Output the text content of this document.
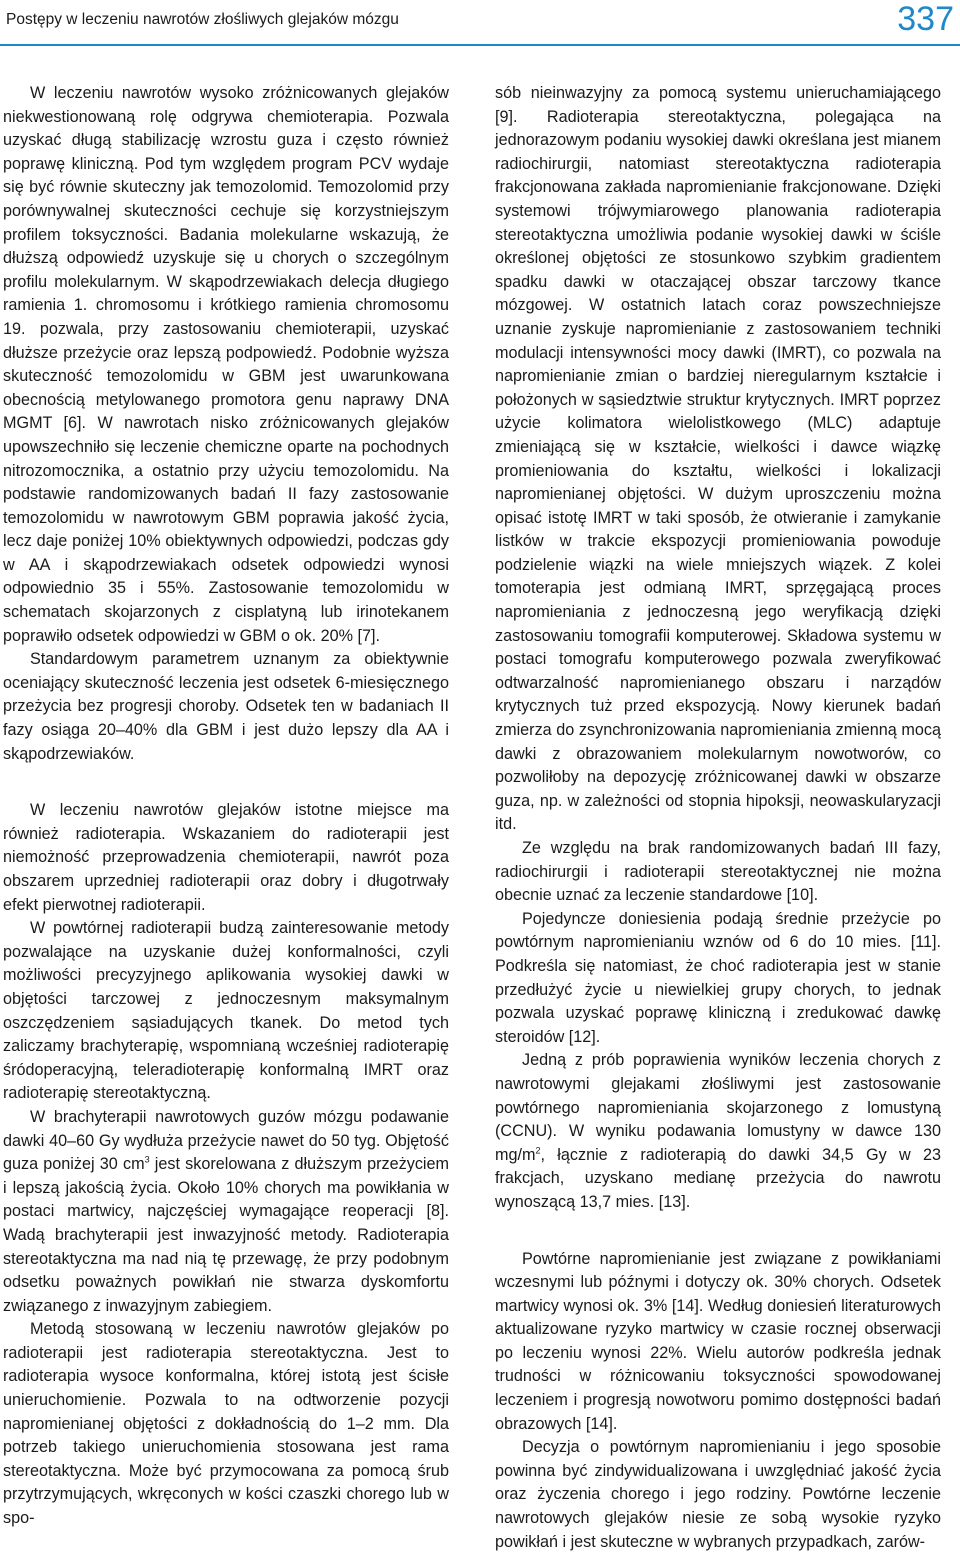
Postępy w leczeniu nawrotów złośliwych glejaków mózgu	337

W leczeniu nawrotów wysoko zróżnicowanych glejaków niekwestionowaną rolę odgrywa chemioterapia. Pozwala uzyskać długą stabilizację wzrostu guza i często również poprawę kliniczną. Pod tym względem program PCV wydaje się być równie skuteczny jak temozolomid. Temozolomid przy porównywalnej skuteczności cechuje się korzystniejszym profilem toksyczności. Badania molekularne wskazują, że dłuższą odpowiedź uzyskuje się u chorych o szczególnym profilu molekularnym. W skąpodrzewiakach delecja długiego ramienia 1. chromosomu i krótkiego ramienia chromosomu 19. pozwala, przy zastosowaniu chemioterapii, uzyskać dłuższe przeżycie oraz lepszą podpowiedź. Podobnie wyższa skuteczność temozolomidu w GBM jest uwarunkowana obecnością metylowanego promotora genu naprawy DNA MGMT [6]. W nawrotach nisko zróżnicowanych glejaków upowszechniło się leczenie chemiczne oparte na pochodnych nitrozomocznika, a ostatnio przy użyciu temozolomidu. Na podstawie randomizowanych badań II fazy zastosowanie temozolomidu w nawrotowym GBM poprawia jakość życia, lecz daje poniżej 10% obiektywnych odpowiedzi, podczas gdy w AA i skąpodrzewiakach odsetek odpowiedzi wynosi odpowiednio 35 i 55%. Zastosowanie temozolomidu w schematach skojarzonych z cisplatyną lub irinotekanem poprawiło odsetek odpowiedzi w GBM o ok. 20% [7].

Standardowym parametrem uznanym za obiektywnie oceniający skuteczność leczenia jest odsetek 6-miesięcznego przeżycia bez progresji choroby. Odsetek ten w badaniach II fazy osiąga 20–40% dla GBM i jest dużo lepszy dla AA i skąpodrzewiaków.

W leczeniu nawrotów glejaków istotne miejsce ma również radioterapia. Wskazaniem do radioterapii jest niemożność przeprowadzenia chemioterapii, nawrót poza obszarem uprzedniej radioterapii oraz dobry i długotrwały efekt pierwotnej radioterapii.

W powtórnej radioterapii budzą zainteresowanie metody pozwalające na uzyskanie dużej konformalności, czyli możliwości precyzyjnego aplikowania wysokiej dawki w objętości tarczowej z jednoczesnym maksymalnym oszczędzeniem sąsiadujących tkanek. Do metod tych zaliczamy brachyterapię, wspomnianą wcześniej radioterapię śródoperacyjną, teleradioterapię konformalną IMRT oraz radioterapię stereotaktyczną.

W brachyterapii nawrotowych guzów mózgu podawanie dawki 40–60 Gy wydłuża przeżycie nawet do 50 tyg. Objętość guza poniżej 30 $cm^3$ jest skorelowana z dłuższym przeżyciem i lepszą jakością życia. Około 10% chorych ma powikłania w postaci martwicy, najczęściej wymagające reoperacji [8]. Wadą brachyterapii jest inwazyjność metody. Radioterapia stereotaktyczna ma nad nią tę przewagę, że przy podobnym odsetku poważnych powikłań nie stwarza dyskomfortu związanego z inwazyjnym zabiegiem.

Metodą stosowaną w leczeniu nawrotów glejaków po radioterapii jest radioterapia stereotaktyczna. Jest to radioterapia wysoce konformalna, której istotą jest ścisłe unieruchomienie. Pozwala to na odtworzenie pozycji napromienianej objętości z dokładnością do 1–2 mm. Dla potrzeb takiego unieruchomienia stosowana jest rama stereotaktyczna. Może być przymocowana za pomocą śrub przytrzymujących, wkręconych w kości czaszki chorego lub w spo-

sób nieinwazyjny za pomocą systemu unieruchamiającego [9]. Radioterapia stereotaktyczna, polegająca na jednorazowym podaniu wysokiej dawki określana jest mianem radiochirurgii, natomiast stereotaktyczna radioterapia frakcjonowana zakłada napromienianie frakcjonowane. Dzięki systemowi trójwymiarowego planowania radioterapia stereotaktyczna umożliwia podanie wysokiej dawki w ściśle określonej objętości ze stosunkowo szybkim gradientem spadku dawki w otaczającej obszar tarczowy tkance mózgowej. W ostatnich latach coraz powszechniejsze uznanie zyskuje napromienianie z zastosowaniem techniki modulacji intensywności mocy dawki (IMRT), co pozwala na napromienianie zmian o bardziej nieregularnym kształcie i położonych w sąsiedztwie struktur krytycznych. IMRT poprzez użycie kolimatora wielolistkowego (MLC) adaptuje zmieniającą się w kształcie, wielkości i dawce wiązkę promieniowania do kształtu, wielkości i lokalizacji napromienianej objętości. W dużym uproszczeniu można opisać istotę IMRT w taki sposób, że otwieranie i zamykanie listków w trakcie ekspozycji promieniowania powoduje podzielenie wiązki na wiele mniejszych wiązek. Z kolei tomoterapia jest odmianą IMRT, sprzęgającą proces napromieniania z jednoczesną jego weryfikacją dzięki zastosowaniu tomografii komputerowej. Składowa systemu w postaci tomografu komputerowego pozwala zweryfikować odtwarzalność napromienianego obszaru i narządów krytycznych tuż przed ekspozycją. Nowy kierunek badań zmierza do zsynchronizowania napromieniania zmienną mocą dawki z obrazowaniem molekularnym nowotworów, co pozwoliłoby na depozycję zróżnicowanej dawki w obszarze guza, np. w zależności od stopnia hipoksji, neowaskularyzacji itd.

Ze względu na brak randomizowanych badań III fazy, radiochirurgii i radioterapii stereotaktycznej nie można obecnie uznać za leczenie standardowe [10].

Pojedyncze doniesienia podają średnie przeżycie po powtórnym napromienianiu wznów od 6 do 10 mies. [11]. Podkreśla się natomiast, że choć radioterapia jest w stanie przedłużyć życie u niewielkiej grupy chorych, to jednak pozwala uzyskać poprawę kliniczną i zredukować dawkę steroidów [12].

Jedną z prób poprawienia wyników leczenia chorych z nawrotowymi glejakami złośliwymi jest zastosowanie powtórnego napromieniania skojarzonego z lomustyną (CCNU). W wyniku podawania lomustyny w dawce 130 $mg/m^2$, łącznie z radioterapią do dawki 34,5 Gy w 23 frakcjach, uzyskano medianę przeżycia do nawrotu wynoszącą 13,7 mies. [13].

Powtórne napromienianie jest związane z powikłaniami wczesnymi lub późnymi i dotyczy ok. 30% chorych. Odsetek martwicy wynosi ok. 3% [14]. Według doniesień literaturowych aktualizowane ryzyko martwicy w czasie rocznej obserwacji po leczeniu wynosi 22%. Wielu autorów podkreśla jednak trudności w różnicowaniu toksyczności spowodowanej leczeniem i progresją nowotworu pomimo dostępności badań obrazowych [14].

Decyzja o powtórnym napromienianiu i jego sposobie powinna być zindywidualizowana i uwzględniać jakość życia oraz życzenia chorego i jego rodziny. Powtórne leczenie nawrotowych glejaków niesie ze sobą wysokie ryzyko powikłań i jest skuteczne w wybranych przypadkach, zarów-
